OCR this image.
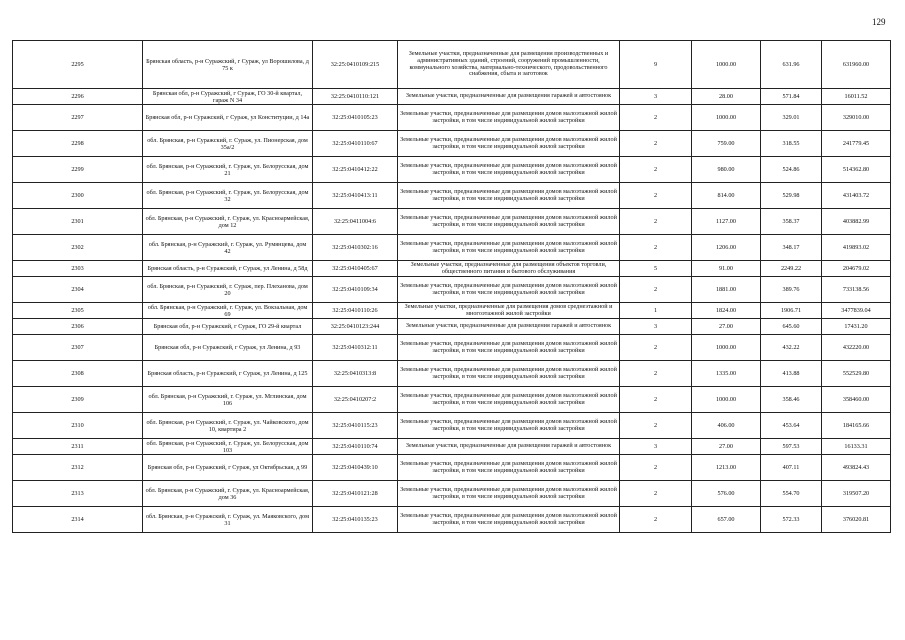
129
2295	Брянская область, р-н Суражский, г Сураж, ул Ворошилова, д 75 к	32:25:0410109:215	Земельные участки, предназначенные для размещения производственных и административных зданий, строений, сооружений промышленности, коммунального хозяйства, материально-технического, продовольственного снабжения, сбыта и заготовок	9	1000.00	631.96	631960.00
2296	Брянская обл, р-н Суражский, г Сураж, ГО 30-й квартал, гараж N 34	32:25:0410110:121	Земельные участки, предназначенные для размещения гаражей и автостоянок	3	28.00	571.84	16011.52
2297	Брянская обл, р-н Суражский, г Сураж, ул Конституции, д 14а	32:25:0410105:23	Земельные участки, предназначенные для размещения домов малоэтажной жилой застройки, в том числе индивидуальной жилой застройки	2	1000.00	329.01	329010.00
2298	обл. Брянская, р-н Суражский, г. Сураж, ул. Пионерская, дом 35а/2	32:25:0410110:67	Земельные участки, предназначенные для размещения домов малоэтажной жилой застройки, в том числе индивидуальной жилой застройки	2	759.00	318.55	241779.45
2299	обл. Брянская, р-н Суражский, г. Сураж, ул. Белорусская, дом 21	32:25:0410412:22	Земельные участки, предназначенные для размещения домов малоэтажной жилой застройки, в том числе индивидуальной жилой застройки	2	980.00	524.86	514362.80
2300	обл. Брянская, р-н Суражский, г. Сураж, ул. Белорусская, дом 32	32:25:0410413:11	Земельные участки, предназначенные для размещения домов малоэтажной жилой застройки, в том числе индивидуальной жилой застройки	2	814.00	529.98	431403.72
2301	обл. Брянская, р-н Суражский, г. Сураж, ул. Красноармейская, дом 12	32:25:0411004:6	Земельные участки, предназначенные для размещения домов малоэтажной жилой застройки, в том числе индивидуальной жилой застройки	2	1127.00	358.37	403882.99
2302	обл. Брянская, р-н Суражский, г. Сураж, ул. Румянцева, дом 42	32:25:0410302:16	Земельные участки, предназначенные для размещения домов малоэтажной жилой застройки, в том числе индивидуальной жилой застройки	2	1206.00	348.17	419893.02
2303	Брянская область, р-н Суражский, г Сураж, ул Ленина, д 58д	32:25:0410405:67	Земельные участки, предназначенные для размещения объектов торговли, общественного питания и бытового обслуживания	5	91.00	2249.22	204679.02
2304	обл. Брянская, р-н Суражский, г. Сураж, пер. Плеханова, дом 20	32:25:0410109:34	Земельные участки, предназначенные для размещения домов малоэтажной жилой застройки, в том числе индивидуальной жилой застройки	2	1881.00	389.76	733138.56
2305	обл. Брянская, р-н Суражский, г. Сураж, ул. Вокзальная, дом 69	32:25:0410110:26	Земельные участки, предназначенные для размещения домов среднеэтажной и многоэтажной жилой застройки	1	1824.00	1906.71	3477839.04
2306	Брянская обл, р-н Суражский, г Сураж, ГО 29-й квартал	32:25:0410123:244	Земельные участки, предназначенные для размещения гаражей и автостоянок	3	27.00	645.60	17431.20
2307	Брянская обл, р-н Суражский, г Сураж, ул Ленина, д 93	32:25:0410312:11	Земельные участки, предназначенные для размещения домов малоэтажной жилой застройки, в том числе индивидуальной жилой застройки	2	1000.00	432.22	432220.00
2308	Брянская область, р-н Суражский, г Сураж, ул Ленина, д 125	32:25:0410313:8	Земельные участки, предназначенные для размещения домов малоэтажной жилой застройки, в том числе индивидуальной жилой застройки	2	1335.00	413.88	552529.80
2309	обл. Брянская, р-н Суражский, г. Сураж, ул. Мглинская, дом 106	32:25:0410207:2	Земельные участки, предназначенные для размещения домов малоэтажной жилой застройки, в том числе индивидуальной жилой застройки	2	1000.00	358.46	358460.00
2310	обл. Брянская, р-н Суражский, г. Сураж, ул. Чайковского, дом 10, квартира 2	32:25:0410115:23	Земельные участки, предназначенные для размещения домов малоэтажной жилой застройки, в том числе индивидуальной жилой застройки	2	406.00	453.64	184165.66
2311	обл. Брянская, р-н Суражский, г. Сураж, ул. Белорусская, дом 103	32:25:0410110:74	Земельные участки, предназначенные для размещения гаражей и автостоянок	3	27.00	597.53	16133.31
2312	Брянская обл, р-н Суражский, г Сураж, ул Октябрьская, д 99	32:25:0410439:10	Земельные участки, предназначенные для размещения домов малоэтажной жилой застройки, в том числе индивидуальной жилой застройки	2	1213.00	407.11	493824.43
2313	обл. Брянская, р-н Суражский, г. Сураж, ул. Красноармейская, дом 36	32:25:0410121:28	Земельные участки, предназначенные для размещения домов малоэтажной жилой застройки, в том числе индивидуальной жилой застройки	2	576.00	554.70	319507.20
2314	обл. Брянская, р-н Суражский, г. Сураж, ул. Маяковского, дом 31	32:25:0410135:23	Земельные участки, предназначенные для размещения домов малоэтажной жилой застройки, в том числе индивидуальной жилой застройки	2	657.00	572.33	376020.81
